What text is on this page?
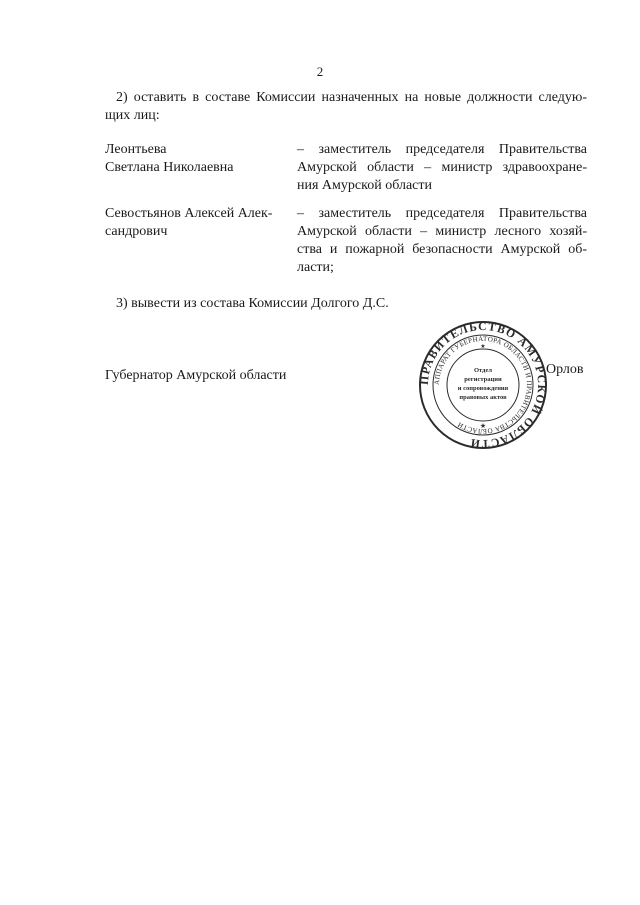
2
2) оставить в составе Комиссии назначенных на новые должности следую-
щих лиц:
Леонтьева
Светлана Николаевна
– заместитель председателя Правительства
Амурской области – министр здравоохране-
ния Амурской области
Севостьянов Алексей Алек-
сандрович
– заместитель председателя Правительства
Амурской области – министр лесного хозяй-
ства и пожарной безопасности Амурской об-
ласти;
3) вывести из состава Комиссии Долгого Д.С.
Губернатор Амурской области	Орлов
ПРАВИТЕЛЬСТВО АМУРСКОЙ ОБЛАСТИ
АППАРАТ ГУБЕРНАТОРА ОБЛАСТИ И ПРАВИТЕЛЬСТВА ОБЛАСТИ
Отдел
регистрации
и сопровождения
правовых актов
★
★
